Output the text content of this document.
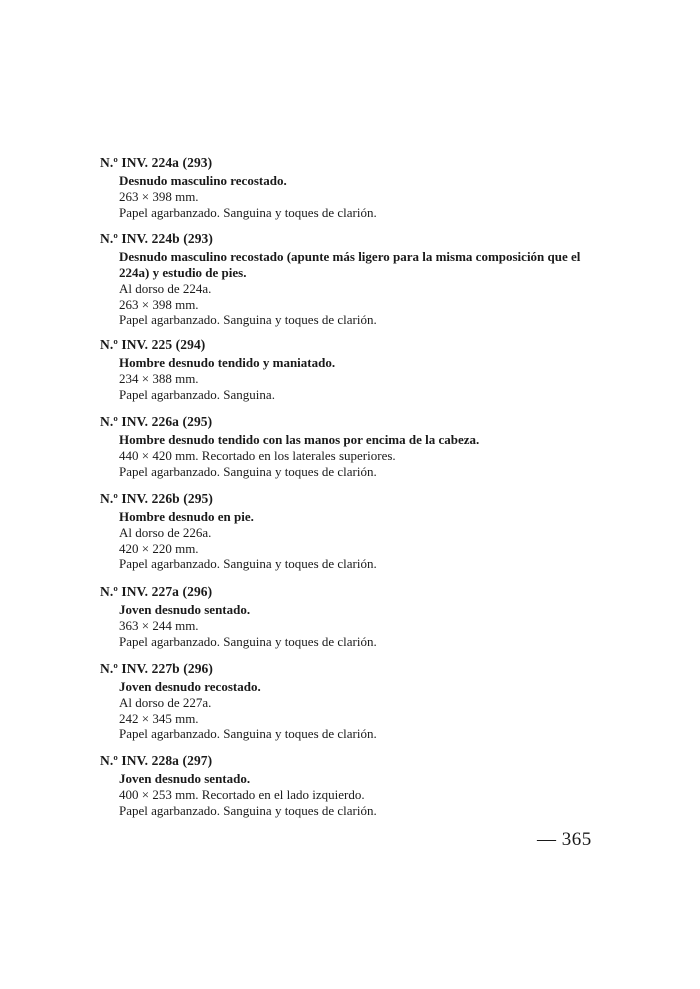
N.º INV. 224a (293)

Desnudo masculino recostado.

263 × 398 mm.

Papel agarbanzado. Sanguina y toques de clarión.

N.º INV. 224b (293)

Desnudo masculino recostado (apunte más ligero para la misma composición que el 224a) y estudio de pies.

Al dorso de 224a.

263 × 398 mm.

Papel agarbanzado. Sanguina y toques de clarión.

N.º INV. 225 (294)

Hombre desnudo tendido y maniatado.

234 × 388 mm.

Papel agarbanzado. Sanguina.

N.º INV. 226a (295)

Hombre desnudo tendido con las manos por encima de la cabeza.

440 × 420 mm. Recortado en los laterales superiores.

Papel agarbanzado. Sanguina y toques de clarión.

N.º INV. 226b (295)

Hombre desnudo en pie.

Al dorso de 226a.

420 × 220 mm.

Papel agarbanzado. Sanguina y toques de clarión.

N.º INV. 227a (296)

Joven desnudo sentado.

363 × 244 mm.

Papel agarbanzado. Sanguina y toques de clarión.

N.º INV. 227b (296)

Joven desnudo recostado.

Al dorso de 227a.

242 × 345 mm.

Papel agarbanzado. Sanguina y toques de clarión.

N.º INV. 228a (297)

Joven desnudo sentado.

400 × 253 mm. Recortado en el lado izquierdo.

Papel agarbanzado. Sanguina y toques de clarión.

— 365
